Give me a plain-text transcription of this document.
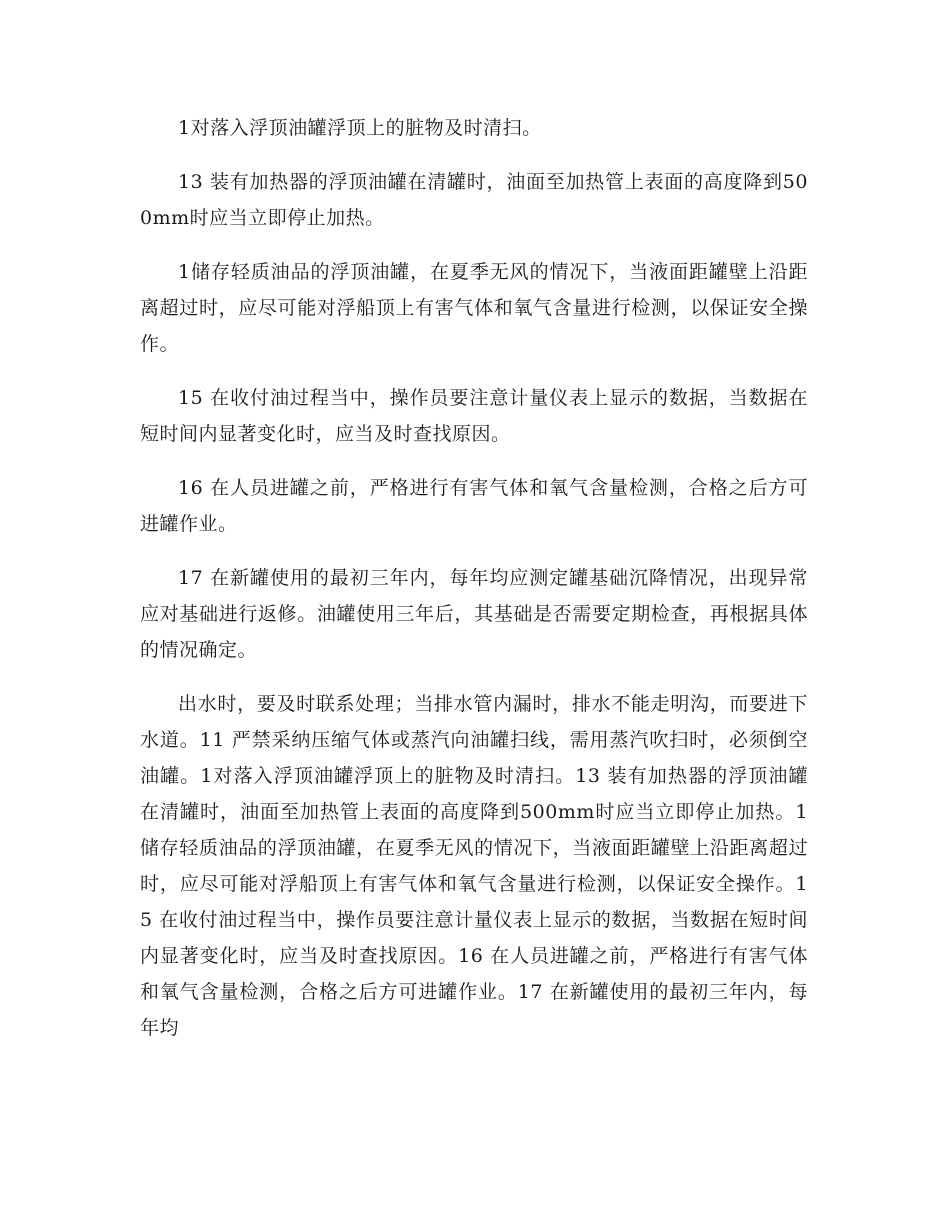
1对落入浮顶油罐浮顶上的脏物及时清扫。

13 装有加热器的浮顶油罐在清罐时，油面至加热管上表面的高度降到500mm时应当立即停止加热。

1储存轻质油品的浮顶油罐，在夏季无风的情况下，当液面距罐壁上沿距离超过时，应尽可能对浮船顶上有害气体和氧气含量进行检测，以保证安全操作。

15 在收付油过程当中，操作员要注意计量仪表上显示的数据，当数据在短时间内显著变化时，应当及时查找原因。

16 在人员进罐之前，严格进行有害气体和氧气含量检测，合格之后方可进罐作业。

17 在新罐使用的最初三年内，每年均应测定罐基础沉降情况，出现异常应对基础进行返修。油罐使用三年后，其基础是否需要定期检查，再根据具体的情况确定。

出水时，要及时联系处理；当排水管内漏时，排水不能走明沟，而要进下水道。11 严禁采纳压缩气体或蒸汽向油罐扫线，需用蒸汽吹扫时，必须倒空油罐。1对落入浮顶油罐浮顶上的脏物及时清扫。13 装有加热器的浮顶油罐在清罐时，油面至加热管上表面的高度降到500mm时应当立即停止加热。1储存轻质油品的浮顶油罐，在夏季无风的情况下，当液面距罐壁上沿距离超过时，应尽可能对浮船顶上有害气体和氧气含量进行检测，以保证安全操作。15 在收付油过程当中，操作员要注意计量仪表上显示的数据，当数据在短时间内显著变化时，应当及时查找原因。16 在人员进罐之前，严格进行有害气体和氧气含量检测，合格之后方可进罐作业。17 在新罐使用的最初三年内，每年均
